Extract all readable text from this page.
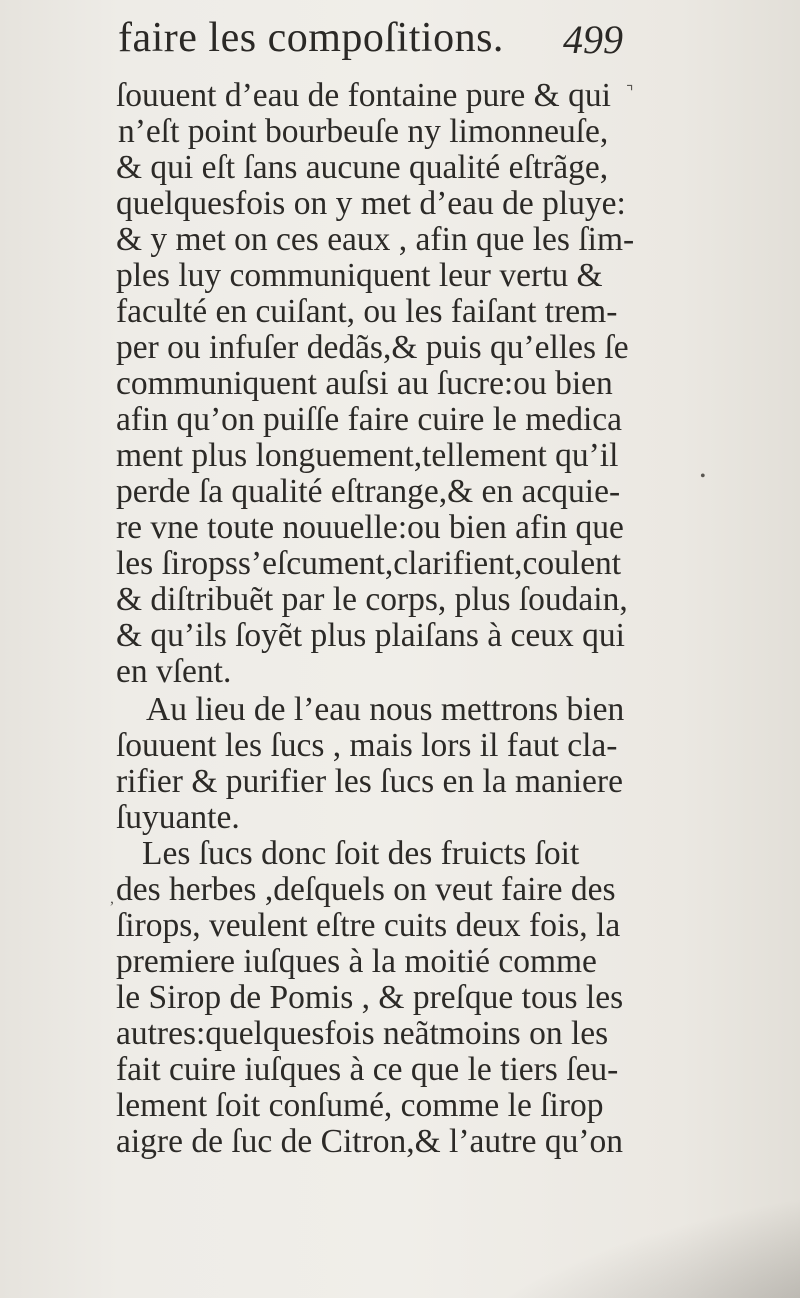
faire les compoſitions. 499
ſouuent d’eau de fontaine pure & qui
n’eſt point bourbeuſe ny limonneuſe,
& qui eſt ſans aucune qualité eſtrãge,
quelquesfois on y met d’eau de pluye:
& y met on ces eaux , afin que les ſim-
ples luy communiquent leur vertu &
faculté en cuiſant, ou les faiſant trem-
per ou infuſer dedãs,& puis qu’elles ſe
communiquent auſsi au ſucre:ou bien
afin qu’on puiſſe faire cuire le medica
ment plus longuement,tellement qu’il
perde ſa qualité eſtrange,& en acquie-
re vne toute nouuelle:ou bien afin que
les ſiropss’eſcument,clarifient,coulent
& diſtribuẽt par le corps, plus ſoudain,
& qu’ils ſoyẽt plus plaiſans à ceux qui
en vſent.
Au lieu de l’eau nous mettrons bien
ſouuent les ſucs , mais lors il faut cla-
rifier & purifier les ſucs en la maniere
ſuyuante.
Les ſucs donc ſoit des fruicts ſoit
des herbes ,deſquels on veut faire des
ſirops, veulent eſtre cuits deux fois, la
premiere iuſques à la moitié comme
le Sirop de Pomis , & preſque tous les
autres:quelquesfois neãtmoins on les
fait cuire iuſques à ce que le tiers ſeu-
lement ſoit conſumé, comme le ſirop
aigre de ſuc de Citron,& l’autre qu’on
⌝
•
,
